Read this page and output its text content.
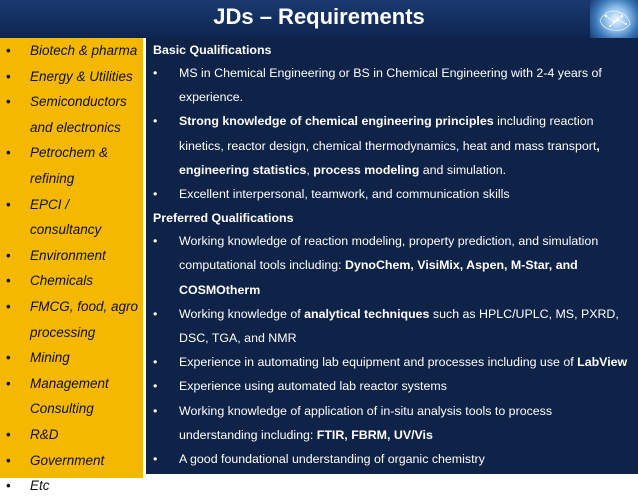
JDs – Requirements
• Biotech & pharma
• Energy & Utilities
• Semiconductors and electronics
• Petrochem & refining
• EPCI / consultancy
• Environment
• Chemicals
• FMCG, food, agro processing
• Mining
• Management Consulting
• R&D
• Government
• Etc
Basic Qualifications
• MS in Chemical Engineering or BS in Chemical Engineering with 2-4 years of experience.
• Strong knowledge of chemical engineering principles including reaction kinetics, reactor design, chemical thermodynamics, heat and mass transport, engineering statistics, process modeling and simulation.
• Excellent interpersonal, teamwork, and communication skills
Preferred Qualifications
• Working knowledge of reaction modeling, property prediction, and simulation computational tools including: DynoChem, VisiMix, Aspen, M-Star, and COSMOtherm
• Working knowledge of analytical techniques such as HPLC/UPLC, MS, PXRD, DSC, TGA, and NMR
• Experience in automating lab equipment and processes including use of LabView
• Experience using automated lab reactor systems
• Working knowledge of application of in-situ analysis tools to process understanding including: FTIR, FBRM, UV/Vis
• A good foundational understanding of organic chemistry
